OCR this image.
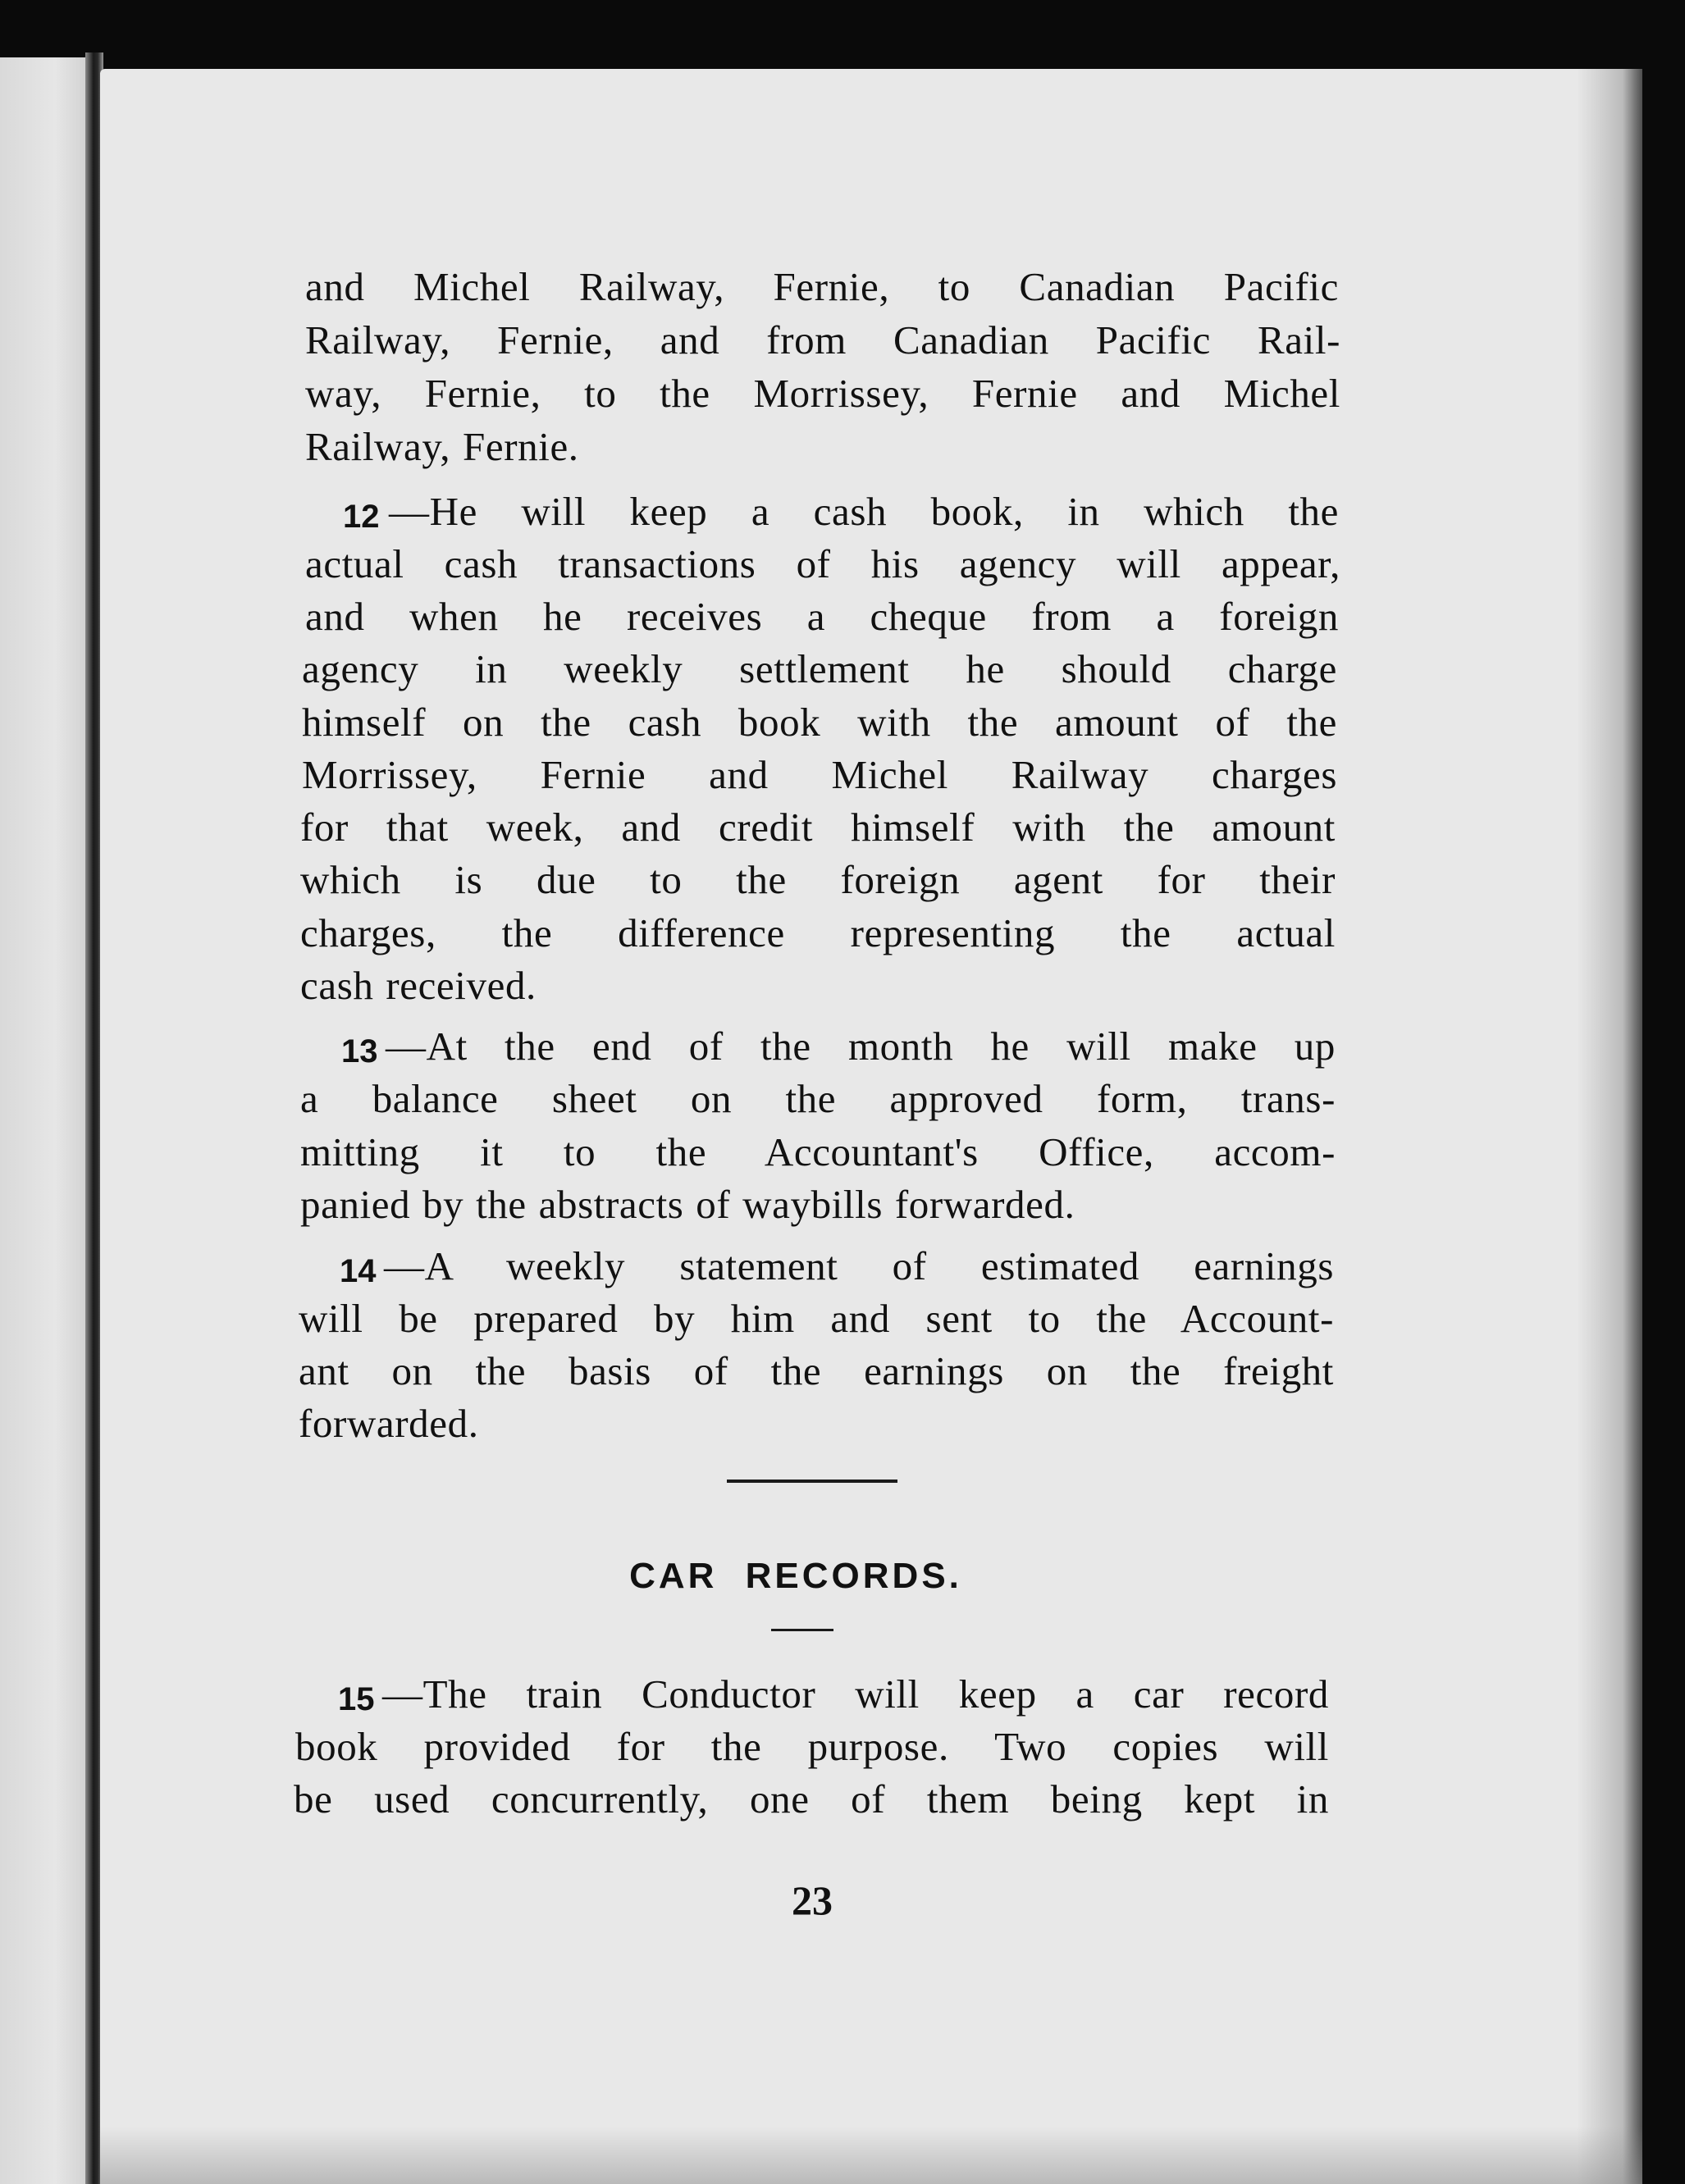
and Michel Railway, Fernie, to Canadian Pacific
Railway, Fernie, and from Canadian Pacific Rail-
way, Fernie, to the Morrissey, Fernie and Michel
Railway, Fernie.
12 —He will keep a cash book, in which the
actual cash transactions of his agency will appear,
and when he receives a cheque from a foreign
agency in weekly settlement he should charge
himself on the cash book with the amount of the
Morrissey, Fernie and Michel Railway charges
for that week, and credit himself with the amount
which is due to the foreign agent for their
charges, the difference representing the actual
cash received.
13 —At the end of the month he will make up
a balance sheet on the approved form, trans-
mitting it to the Accountant's Office, accom-
panied by the abstracts of waybills forwarded.
14 —A weekly statement of estimated earnings
will be prepared by him and sent to the Account-
ant on the basis of the earnings on the freight
forwarded.
CAR RECORDS.
15 —The train Conductor will keep a car record
book provided for the purpose. Two copies will
be used concurrently, one of them being kept in
23
